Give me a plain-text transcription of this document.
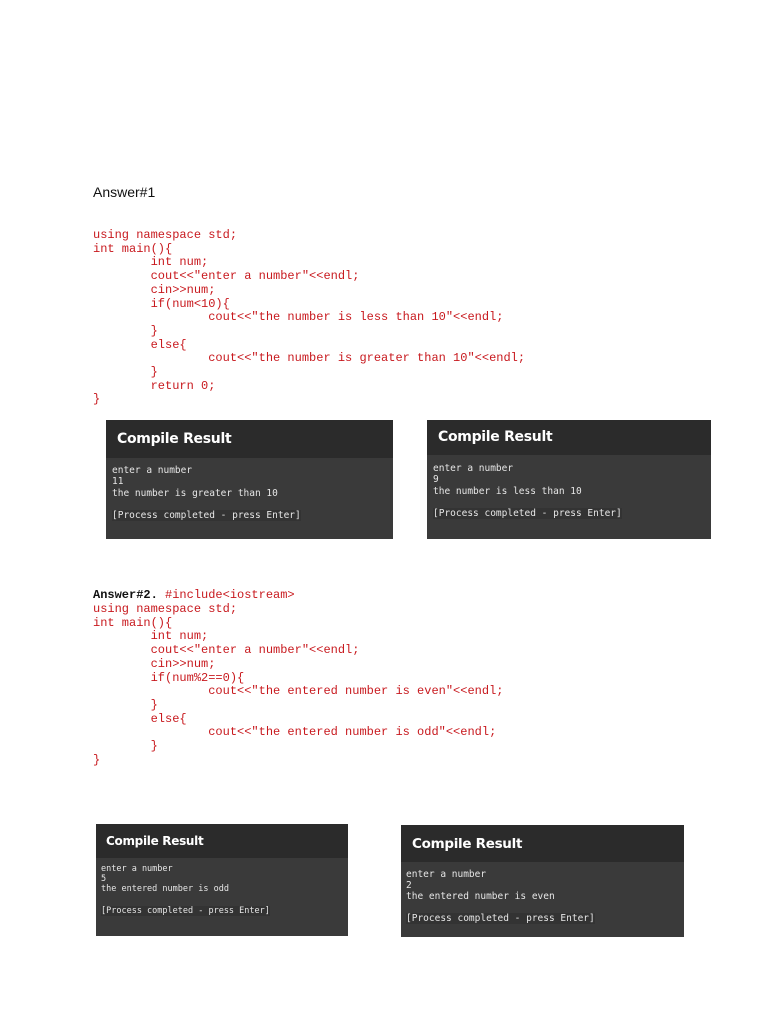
Answer#1
using namespace std;
int main(){
int num;
cout<<"enter a number"<<endl;
cin>>num;
if(num<10){
cout<<"the number is less than 10"<<endl;
}
else{
cout<<"the number is greater than 10"<<endl;
}
return 0;
}
Compile Result
enter a number
11
the number is greater than 10
[Process completed - press Enter]
Compile Result
enter a number
9
the number is less than 10
[Process completed - press Enter]
Answer#2. #include<iostream>
using namespace std;
int main(){
int num;
cout<<"enter a number"<<endl;
cin>>num;
if(num%2==0){
cout<<"the entered number is even"<<endl;
}
else{
cout<<"the entered number is odd"<<endl;
}
}
Compile Result
enter a number
5
the entered number is odd
[Process completed - press Enter]
Compile Result
enter a number
2
the entered number is even
[Process completed - press Enter]
